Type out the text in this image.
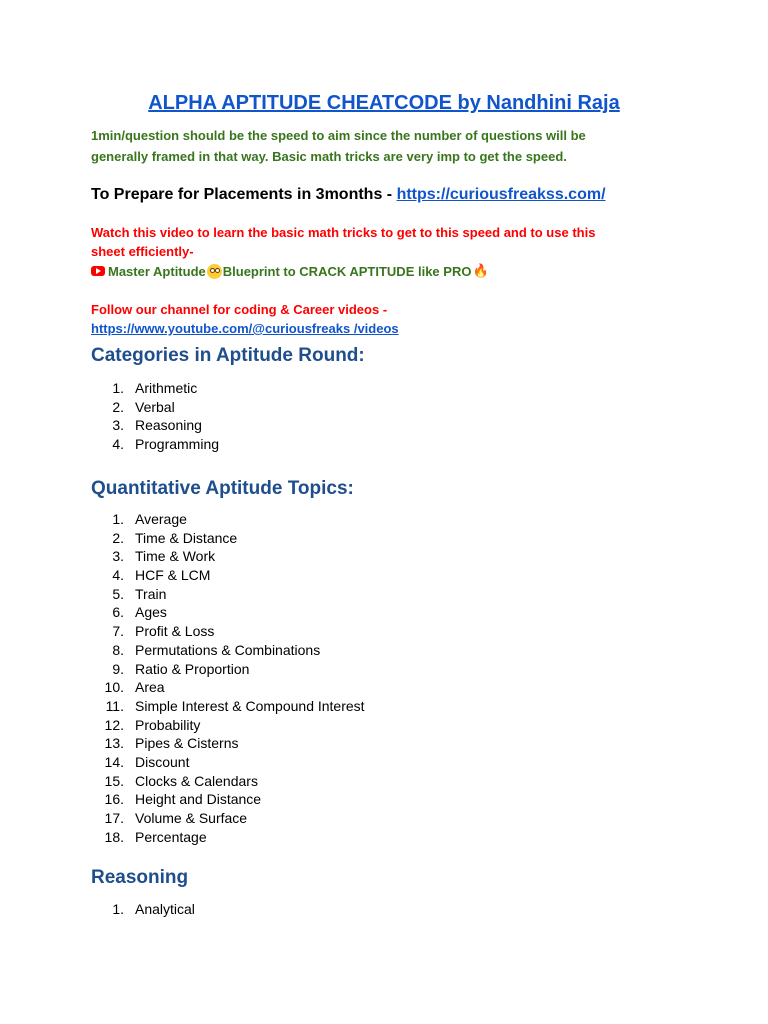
ALPHA APTITUDE CHEATCODE by Nandhini Raja

1min/question should be the speed to aim since the number of questions will be generally framed in that way. Basic math tricks are very imp to get the speed.

To Prepare for Placements in 3months - https://curiousfreakss.com/

Watch this video to learn the basic math tricks to get to this speed and to use this sheet efficiently-

Master Aptitude Blueprint to CRACK APTITUDE like PRO 🔥

Follow our channel for coding & Career videos -
https://www.youtube.com/@curiousfreaks /videos

Categories in Aptitude Round:
1. Arithmetic
2. Verbal
3. Reasoning
4. Programming
Quantitative Aptitude Topics:
1. Average
2. Time & Distance
3. Time & Work
4. HCF & LCM
5. Train
6. Ages
7. Profit & Loss
8. Permutations & Combinations
9. Ratio & Proportion
10. Area
11. Simple Interest & Compound Interest
12. Probability
13. Pipes & Cisterns
14. Discount
15. Clocks & Calendars
16. Height and Distance
17. Volume & Surface
18. Percentage
Reasoning
1. Analytical
